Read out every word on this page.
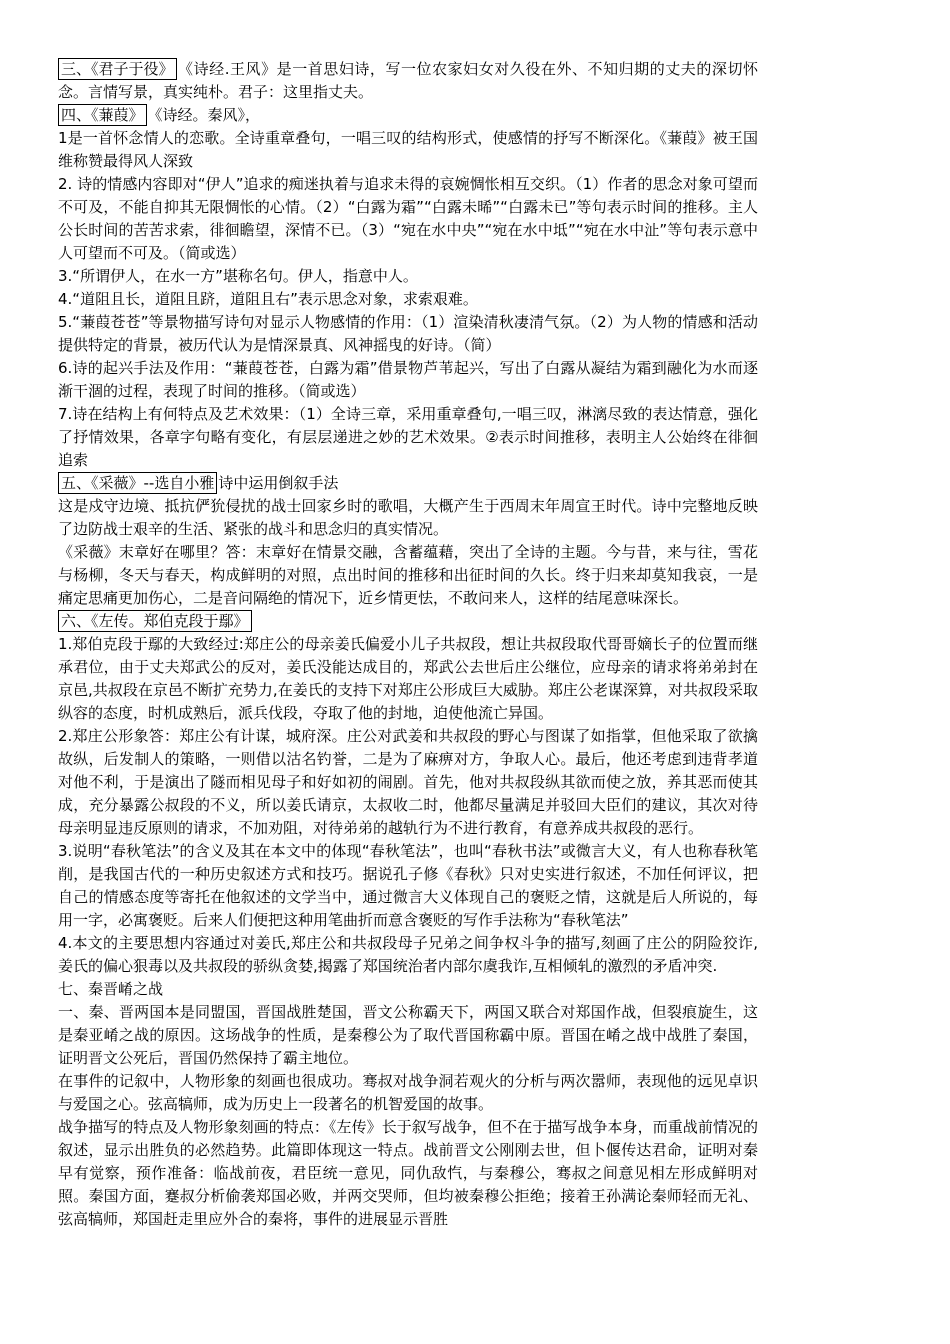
三、《君子于役》 《诗经.王风》是一首思妇诗，写一位农家妇女对久役在外、不知归期的丈夫的深切怀念。言情写景，真实纯朴。君子：这里指丈夫。

四、《蒹葭》 《诗经。秦风》，

1是一首怀念情人的恋歌。全诗重章叠句，一唱三叹的结构形式，使感情的抒写不断深化。《蒹葭》被王国维称赞最得风人深致

2. 诗的情感内容即对“伊人”追求的痴迷执着与追求未得的哀婉惆怅相互交织。（1）作者的思念对象可望而不可及，不能自抑其无限惆怅的心情。（2）“白露为霜”“白露未晞”“白露未已”等句表示时间的推移。主人公长时间的苦苦求索，徘徊瞻望，深情不已。（3）“宛在水中央”“宛在水中坻”“宛在水中沚”等句表示意中人可望而不可及。（简或选）

3.“所谓伊人，在水一方”堪称名句。伊人，指意中人。

4.“道阻且长，道阻且跻，道阻且右”表示思念对象，求索艰难。

5.“蒹葭苍苍”等景物描写诗句对显示人物感情的作用：（1）渲染清秋凄清气氛。（2）为人物的情感和活动提供特定的背景，被历代认为是情深景真、风神摇曳的好诗。（简）

6.诗的起兴手法及作用：“蒹葭苍苍，白露为霜”借景物芦苇起兴，写出了白露从凝结为霜到融化为水而逐渐干涸的过程，表现了时间的推移。（简或选）

7.诗在结构上有何特点及艺术效果：（1）全诗三章，采用重章叠句,一唱三叹，淋漓尽致的表达情意，强化了抒情效果，各章字句略有变化，有层层递进之妙的艺术效果。②表示时间推移，表明主人公始终在徘徊追索

五、《采薇》--选自小雅 诗中运用倒叙手法

这是戍守边境、抵抗俨狁侵扰的战士回家乡时的歌唱，大概产生于西周末年周宣王时代。诗中完整地反映了边防战士艰辛的生活、紧张的战斗和思念归的真实情况。

《采薇》末章好在哪里？答：末章好在情景交融，含蓄蕴藉，突出了全诗的主题。今与昔，来与往，雪花与杨柳，冬天与春天，构成鲜明的对照，点出时间的推移和出征时间的久长。终于归来却莫知我哀，一是痛定思痛更加伤心，二是音问隔绝的情况下，近乡情更怯，不敢问来人，这样的结尾意味深长。

六、《左传。郑伯克段于鄢》

1.郑伯克段于鄢的大致经过:郑庄公的母亲姜氏偏爱小儿子共叔段，想让共叔段取代哥哥嫡长子的位置而继承君位，由于丈夫郑武公的反对，姜氏没能达成目的，郑武公去世后庄公继位，应母亲的请求将弟弟封在京邑,共叔段在京邑不断扩充势力,在姜氏的支持下对郑庄公形成巨大威胁。郑庄公老谋深算，对共叔段采取纵容的态度，时机成熟后，派兵伐段，夺取了他的封地，迫使他流亡异国。

2.郑庄公形象答：郑庄公有计谋，城府深。庄公对武姜和共叔段的野心与图谋了如指掌，但他采取了欲擒故纵，后发制人的策略，一则借以沽名钓誉，二是为了麻痹对方，争取人心。最后，他还考虑到违背孝道对他不利，于是演出了隧而相见母子和好如初的闹剧。首先，他对共叔段纵其欲而使之放，养其恶而使其成，充分暴露公叔段的不义，所以姜氏请京，太叔收二时，他都尽量满足并驳回大臣们的建议，其次对待母亲明显违反原则的请求，不加劝阻，对待弟弟的越轨行为不进行教育，有意养成共叔段的恶行。

3.说明“春秋笔法”的含义及其在本文中的体现“春秋笔法”，也叫“春秋书法”或微言大义，有人也称春秋笔削，是我国古代的一种历史叙述方式和技巧。据说孔子修《春秋》只对史实进行叙述，不加任何评议，把自己的情感态度等寄托在他叙述的文学当中，通过微言大义体现自己的褒贬之情，这就是后人所说的，每用一字，必寓褒贬。后来人们便把这种用笔曲折而意含褒贬的写作手法称为“春秋笔法”

4.本文的主要思想内容通过对姜氏,郑庄公和共叔段母子兄弟之间争权斗争的描写,刻画了庄公的阴险狡诈,姜氏的偏心狠毒以及共叔段的骄纵贪婪,揭露了郑国统治者内部尔虞我诈,互相倾轧的激烈的矛盾冲突.

七、秦晋崤之战

一、秦、晋两国本是同盟国，晋国战胜楚国，晋文公称霸天下，两国又联合对郑国作战，但裂痕旋生，这是秦亚崤之战的原因。这场战争的性质，是秦穆公为了取代晋国称霸中原。晋国在崤之战中战胜了秦国，证明晋文公死后，晋国仍然保持了霸主地位。

在事件的记叙中，人物形象的刻画也很成功。骞叔对战争洞若观火的分析与两次嚣师，表现他的远见卓识与爱国之心。弦高犒师，成为历史上一段著名的机智爱国的故事。

战争描写的特点及人物形象刻画的特点：《左传》长于叙写战争，但不在于描写战争本身，而重战前情况的叙述，显示出胜负的必然趋势。此篇即体现这一特点。战前晋文公刚刚去世，但卜偃传达君命，证明对秦早有觉察，预作准备：临战前夜，君臣统一意见，同仇敌忾，与秦穆公，骞叔之间意见相左形成鲜明对照。秦国方面，蹇叔分析偷袭郑国必败，并两交哭师，但均被秦穆公拒绝；接着王孙满论秦师轻而无礼、弦高犒师，郑国赶走里应外合的秦将，事件的进展显示晋胜
